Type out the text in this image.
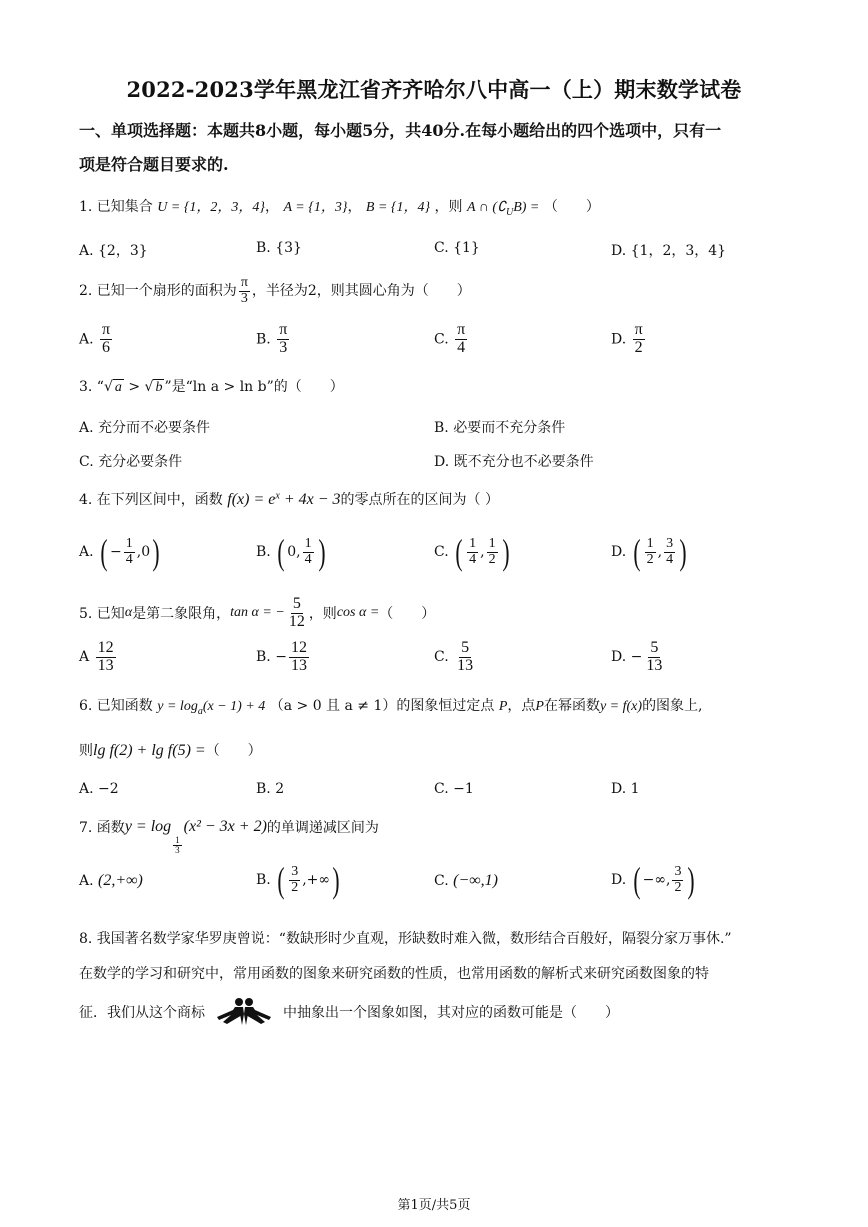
2022-2023学年黑龙江省齐齐哈尔八中高一（上）期末数学试卷
一、单项选择题：本题共8小题，每小题5分，共40分.在每小题给出的四个选项中，只有一
项是符合题目要求的.
1. 已知集合 U = {1，2，3，4}， A = {1，3}， B = {1，4} ，则 A ∩ $(∁_UB)$ = （　　）
A. {2，3}	B. {3}	C. {1}	D. {1，2，3，4}
2. 已知一个扇形的面积为 $\frac{\pi}{3}$ ，半径为2，则其圆心角为（　　）
A. $\frac{\pi}{6}$	B. $\frac{\pi}{3}$	C. $\frac{\pi}{4}$	D. $\frac{\pi}{2}$
3. “√ a > √ b ”是“ln a > ln b”的（　　）
A. 充分而不必要条件	B. 必要而不充分条件
C. 充分必要条件	D. 既不充分也不必要条件
4. 在下列区间中，函数 $f(x) = e^x + 4x - 3$的零点所在的区间为（ ）
A. ( − $\frac{1}{4} ,0$)	B. ( 0, $\frac{1}{4}$ )	C. ( $\frac{1}{4}$ , $\frac{1}{2}$ )	D. ( $\frac{1}{2}$ , $\frac{3}{4}$ )
5. 已知α是第二象限角，tan α = − $\frac{5}{12}$ ，则cos α =（　　）
A $\frac{12}{13}$	B. − $\frac{12}{13}$	C. $\frac{5}{13}$	D. − $\frac{5}{13}$
6. 已知函数 $y = \log_a(x - 1) + 4$ （a > 0 且 a ≠ 1）的图象恒过定点 P，点P在幂函数y = f(x)的图象上,
则lg f(2) + lg f(5) =（　　）
A. −2	B. 2	C. −1	D. 1
7. 函数y = log
$\frac{1}{3}$
(x² − 3x + 2)的单调递减区间为
A. (2,+∞)	B. ( $\frac{3}{2}$ ,+∞)	C. (−∞,1)	D. ( −∞, $\frac{3}{2}$ )
8. 我国著名数学家华罗庚曾说：“数缺形时少直观，形缺数时难入微，数形结合百般好，隔裂分家万事休.”
在数学的学习和研究中，常用函数的图象来研究函数的性质，也常用函数的解析式来研究函数图象的特
征．我们从这个商标	中抽象出一个图象如图，其对应的函数可能是（　　）
第1页/共5页
